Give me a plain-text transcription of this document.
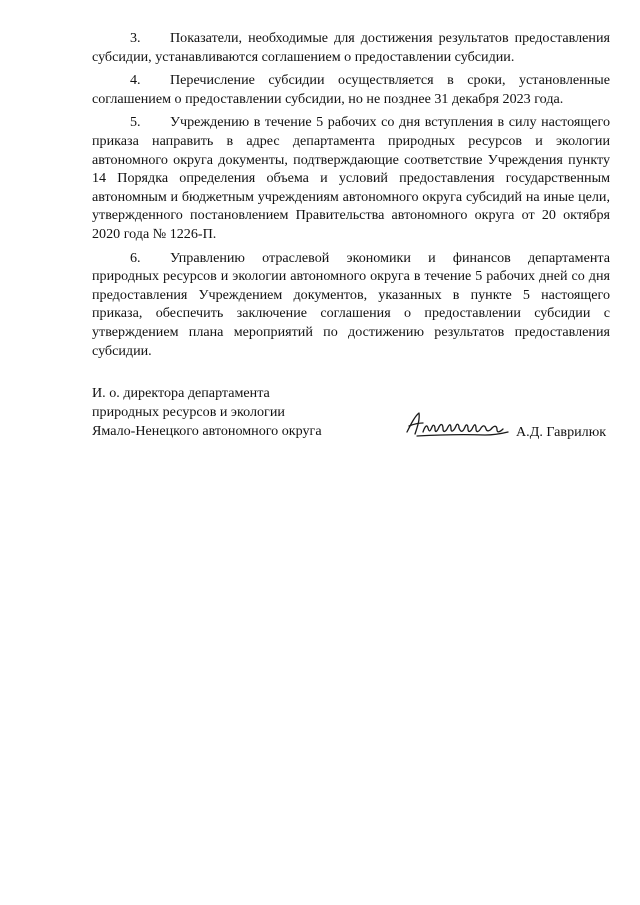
3. Показатели, необходимые для достижения результатов предоставления субсидии, устанавливаются соглашением о предоставлении субсидии.

4. Перечисление субсидии осуществляется в сроки, установленные соглашением о предоставлении субсидии, но не позднее 31 декабря 2023 года.

5. Учреждению в течение 5 рабочих со дня вступления в силу настоящего приказа направить в адрес департамента природных ресурсов и экологии автономного округа документы, подтверждающие соответствие Учреждения пункту 14 Порядка определения объема и условий предоставления государственным автономным и бюджетным учреждениям автономного округа субсидий на иные цели, утвержденного постановлением Правительства автономного округа от 20 октября 2020 года № 1226-П.

6. Управлению отраслевой экономики и финансов департамента природных ресурсов и экологии автономного округа в течение 5 рабочих дней со дня предоставления Учреждением документов, указанных в пункте 5 настоящего приказа, обеспечить заключение соглашения о предоставлении субсидии с утверждением плана мероприятий по достижению результатов предоставления субсидии.

И. о. директора департамента
природных ресурсов и экологии
Ямало-Ненецкого автономного округа	А.Д. Гаврилюк
